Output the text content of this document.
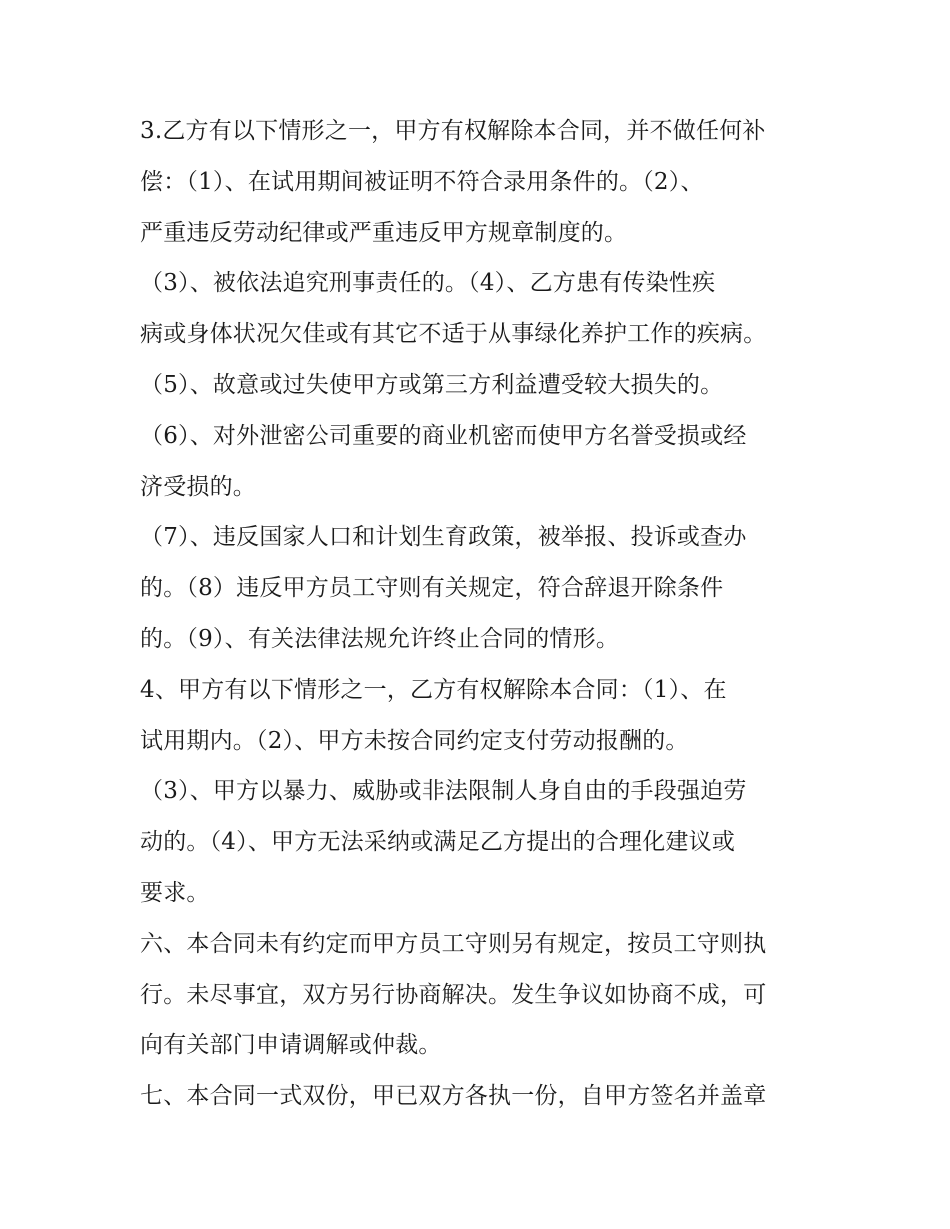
3.乙方有以下情形之一，甲方有权解除本合同，并不做任何补
偿：（1）、在试用期间被证明不符合录用条件的。（2）、
严重违反劳动纪律或严重违反甲方规章制度的。
（3）、被依法追究刑事责任的。（4）、乙方患有传染性疾
病或身体状况欠佳或有其它不适于从事绿化养护工作的疾病。
（5）、故意或过失使甲方或第三方利益遭受较大损失的。
（6）、对外泄密公司重要的商业机密而使甲方名誉受损或经
济受损的。
（7）、违反国家人口和计划生育政策，被举报、投诉或查办
的。（8）违反甲方员工守则有关规定，符合辞退开除条件
的。（9）、有关法律法规允许终止合同的情形。
4、甲方有以下情形之一，乙方有权解除本合同：（1）、在
试用期内。（2）、甲方未按合同约定支付劳动报酬的。
（3）、甲方以暴力、威胁或非法限制人身自由的手段强迫劳
动的。（4）、甲方无法采纳或满足乙方提出的合理化建议或
要求。
六、本合同未有约定而甲方员工守则另有规定，按员工守则执
行。未尽事宜，双方另行协商解决。发生争议如协商不成，可
向有关部门申请调解或仲裁。
七、本合同一式双份，甲已双方各执一份，自甲方签名并盖章
